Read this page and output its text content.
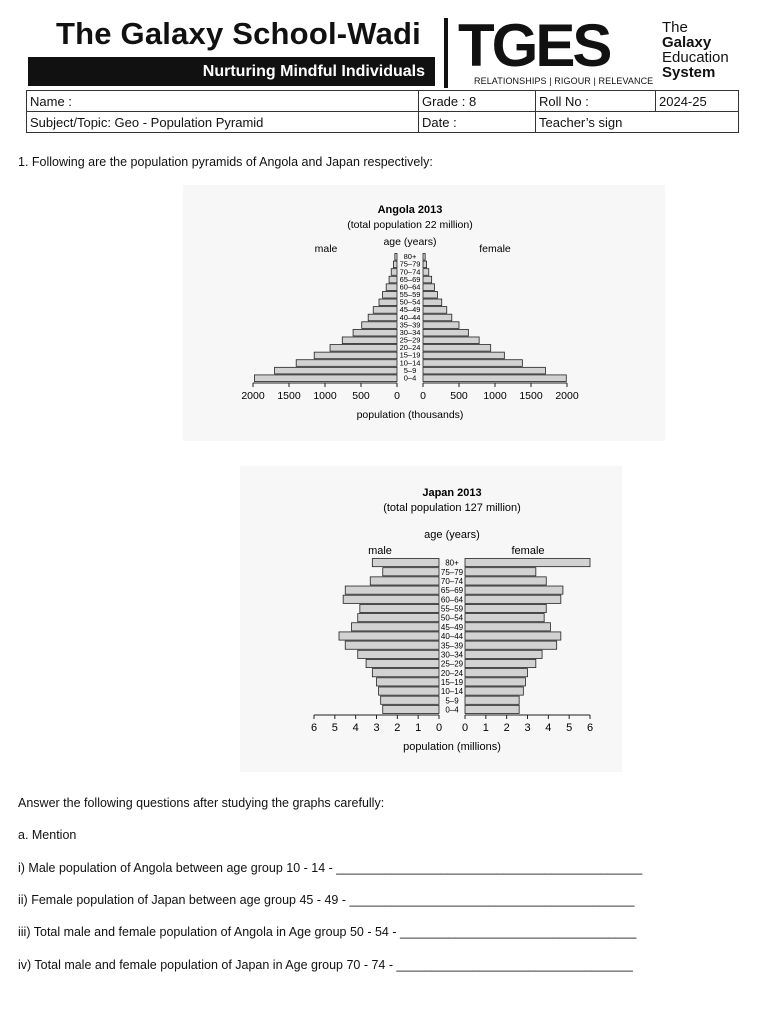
The Galaxy School-Wadi
Nurturing Mindful Individuals TGES
RELATIONSHIPS | RIGOUR | RELEVANCE
The
Galaxy
Education
System
Name :	Grade : 8	Roll No :	2024-25
Subject/Topic: Geo - Population Pyramid	Date :	Teacher’s sign	
1. Following are the population pyramids of Angola and Japan respectively:
Angola 2013
(total population 22 million)
age (years)
male	female
0–4
5–9
10–14
15–19
20–24
25–29
30–34
35–39
40–44
45–49
50–54
55–59
60–64
65–69
70–74
75–79
80+
2000	0
1500	500
1000	1000
500	1500
0	2000
population (thousands)
Japan 2013
(total population 127 million)
age (years)
male	female
0–4
5–9
10–14
15–19
20–24
25–29
30–34
35–39
40–44
45–49
50–54
55–59
60–64
65–69
70–74
75–79
80+
6	0
5	1
4	2
3	3
2	4
1	5
0	6
population (millions)
Answer the following questions after studying the graphs carefully:
a. Mention
i) Male population of Angola between age group 10 - 14 - ____________________________________________
ii) Female population of Japan between age group 45 - 49 - _________________________________________
iii) Total male and female population of Angola in Age group 50 - 54 - __________________________________
iv) Total male and female population of Japan in Age group 70 - 74 - __________________________________
